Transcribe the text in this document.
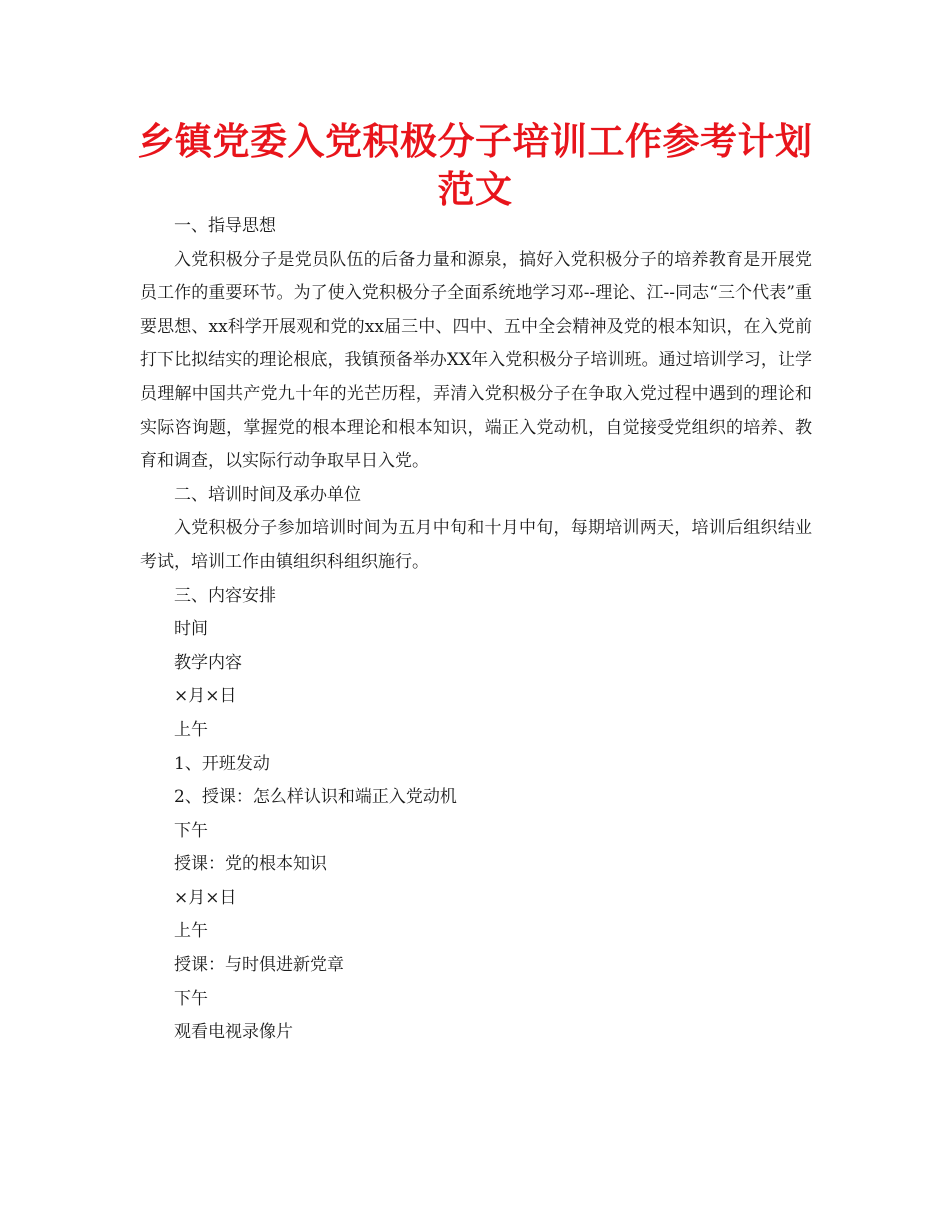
乡镇党委入党积极分子培训工作参考计划范文

一、指导思想

入党积极分子是党员队伍的后备力量和源泉，搞好入党积极分子的培养教育是开展党员工作的重要环节。为了使入党积极分子全面系统地学习邓--理论、江--同志“三个代表”重要思想、xx科学开展观和党的xx届三中、四中、五中全会精神及党的根本知识，在入党前打下比拟结实的理论根底，我镇预备举办XX年入党积极分子培训班。通过培训学习，让学员理解中国共产党九十年的光芒历程，弄清入党积极分子在争取入党过程中遇到的理论和实际咨询题，掌握党的根本理论和根本知识，端正入党动机，自觉接受党组织的培养、教育和调查，以实际行动争取早日入党。

二、培训时间及承办单位

入党积极分子参加培训时间为五月中旬和十月中旬，每期培训两天，培训后组织结业考试，培训工作由镇组织科组织施行。

三、内容安排

时间

教学内容

×月×日

上午

1、开班发动

2、授课：怎么样认识和端正入党动机

下午

授课：党的根本知识

×月×日

上午

授课：与时俱进新党章

下午

观看电视录像片
